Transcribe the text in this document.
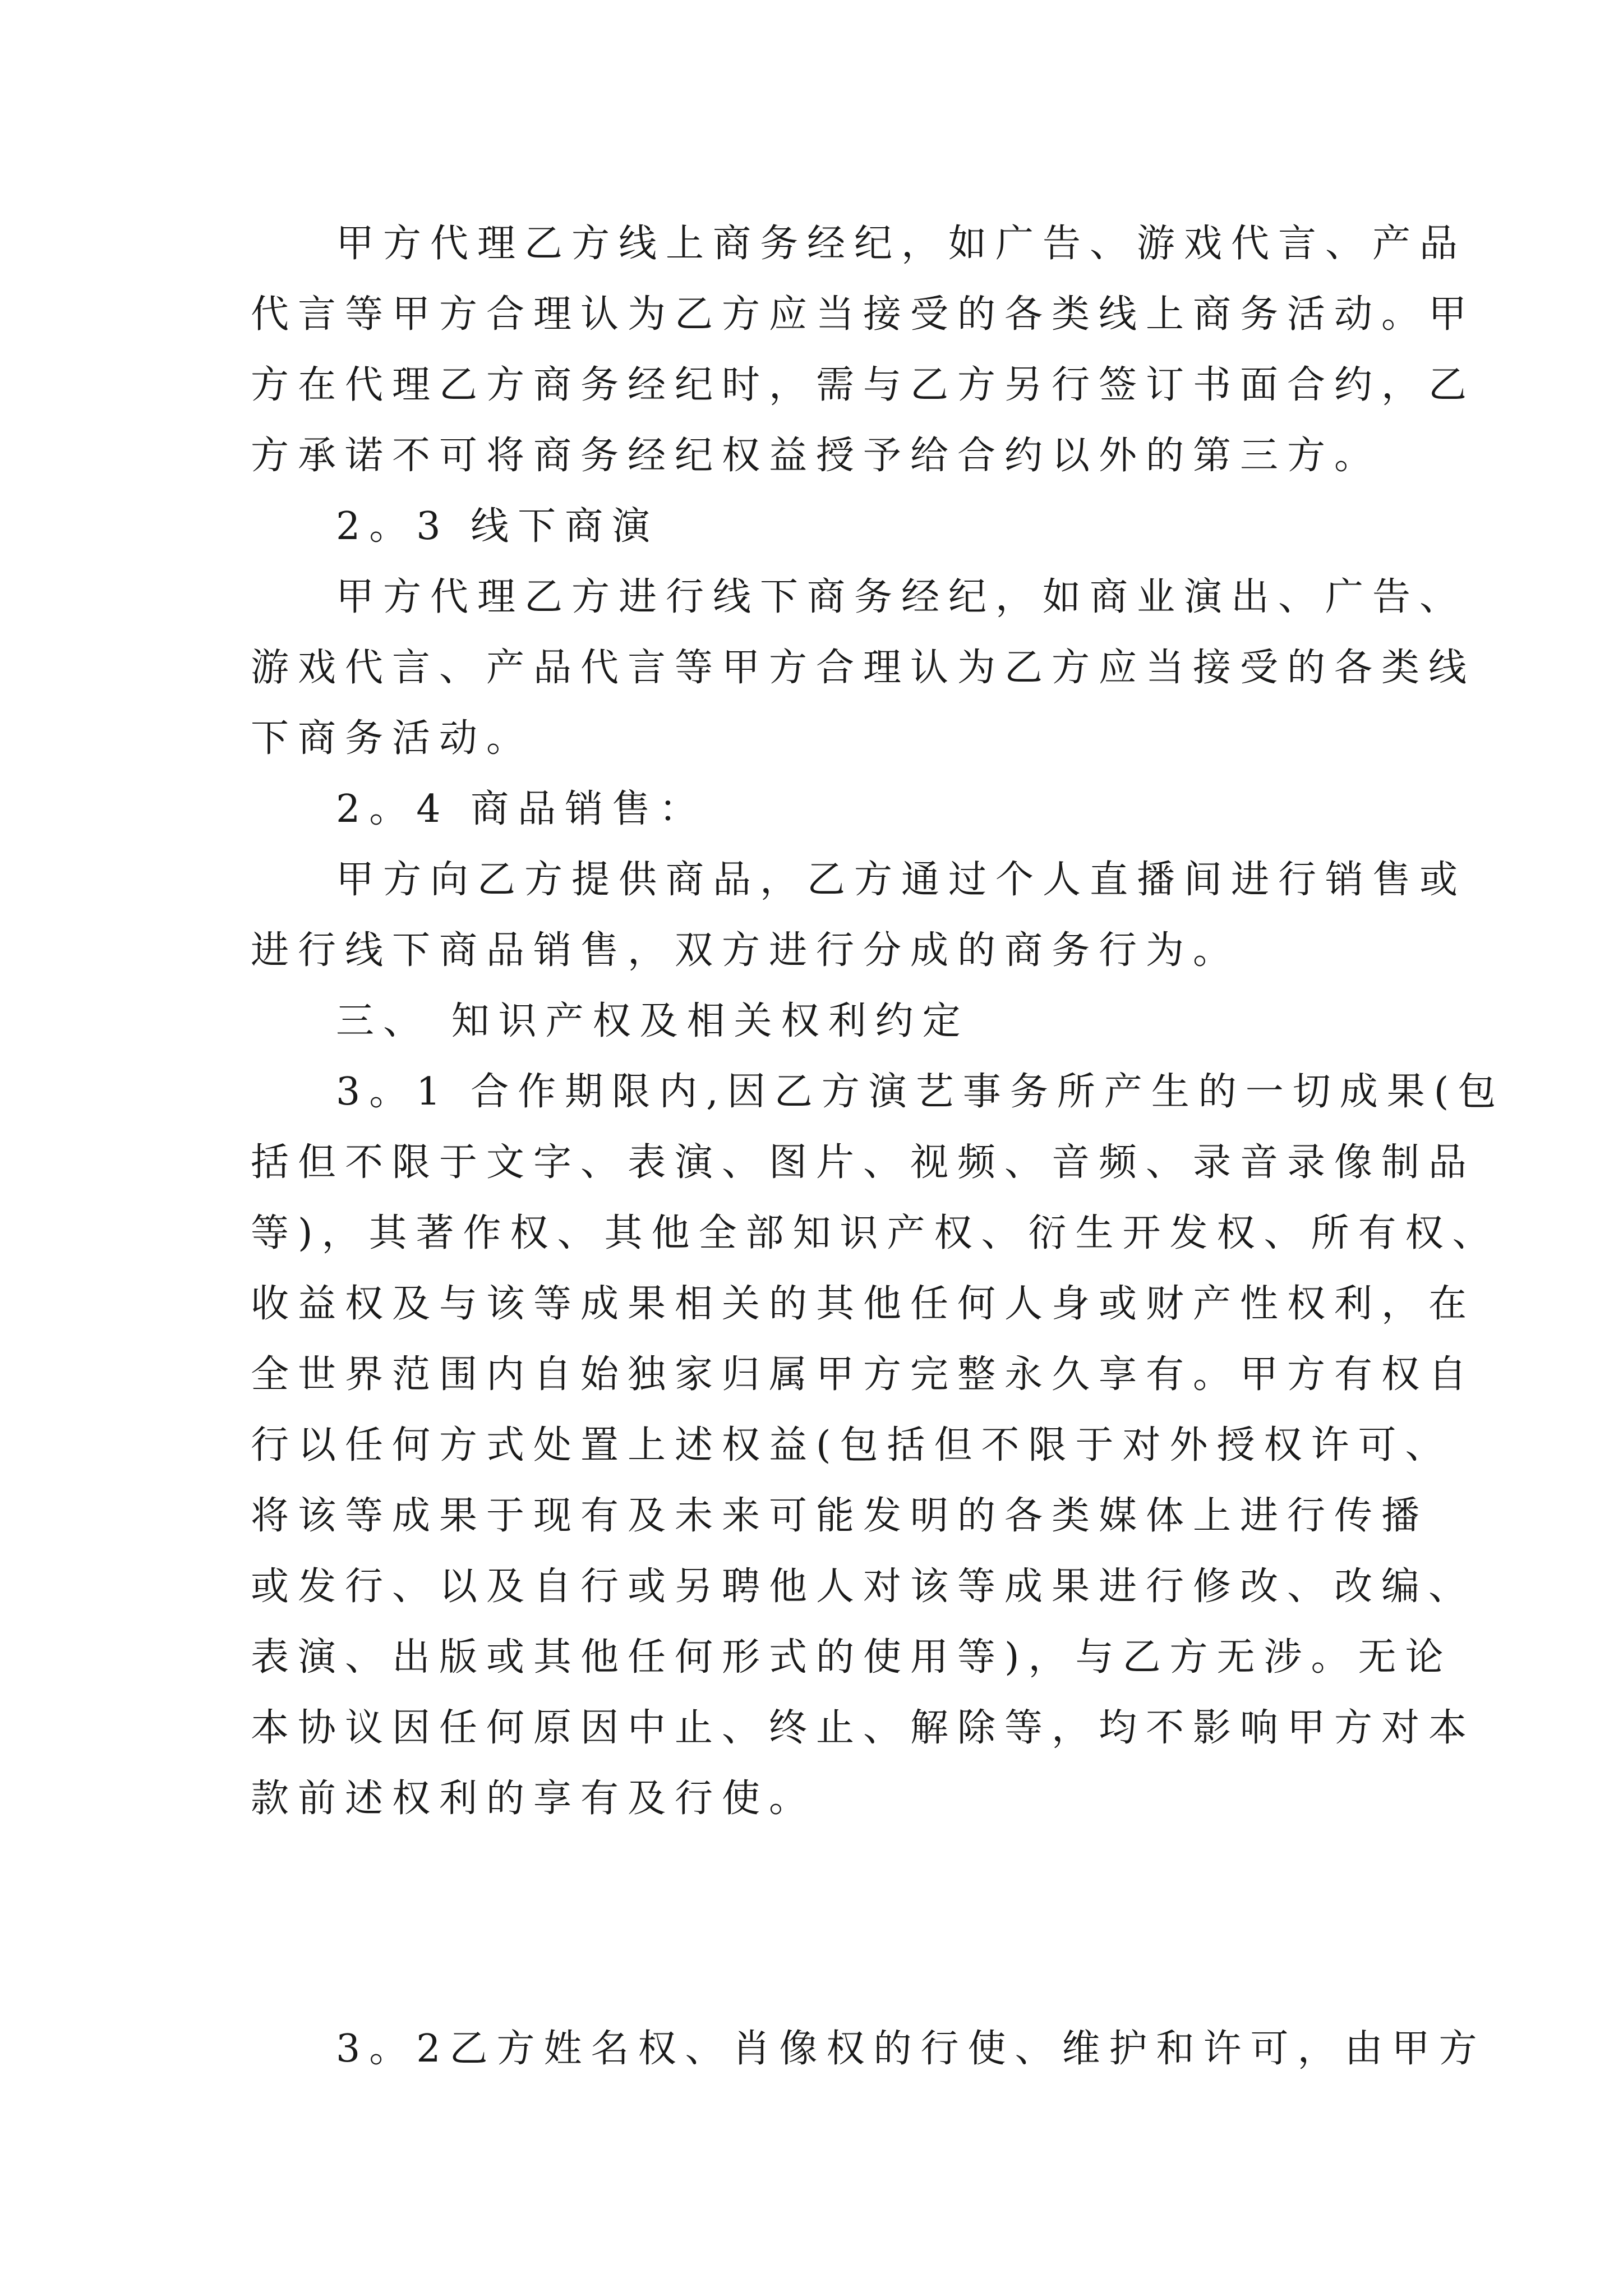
甲方代理乙方线上商务经纪，如广告、游戏代言、产品
代言等甲方合理认为乙方应当接受的各类线上商务活动。甲
方在代理乙方商务经纪时，需与乙方另行签订书面合约，乙
方承诺不可将商务经纪权益授予给合约以外的第三方。
2。3 线下商演
甲方代理乙方进行线下商务经纪，如商业演出、广告、
游戏代言、产品代言等甲方合理认为乙方应当接受的各类线
下商务活动。
2。4 商品销售：
甲方向乙方提供商品，乙方通过个人直播间进行销售或
进行线下商品销售，双方进行分成的商务行为。
三、 知识产权及相关权利约定
3。1 合作期限内,因乙方演艺事务所产生的一切成果(包
括但不限于文字、表演、图片、视频、音频、录音录像制品
等)，其著作权、其他全部知识产权、衍生开发权、所有权、
收益权及与该等成果相关的其他任何人身或财产性权利，在
全世界范围内自始独家归属甲方完整永久享有。甲方有权自
行以任何方式处置上述权益(包括但不限于对外授权许可、
将该等成果于现有及未来可能发明的各类媒体上进行传播
或发行、以及自行或另聘他人对该等成果进行修改、改编、
表演、出版或其他任何形式的使用等)，与乙方无涉。无论
本协议因任何原因中止、终止、解除等，均不影响甲方对本
款前述权利的享有及行使。
3。2乙方姓名权、肖像权的行使、维护和许可，由甲方
